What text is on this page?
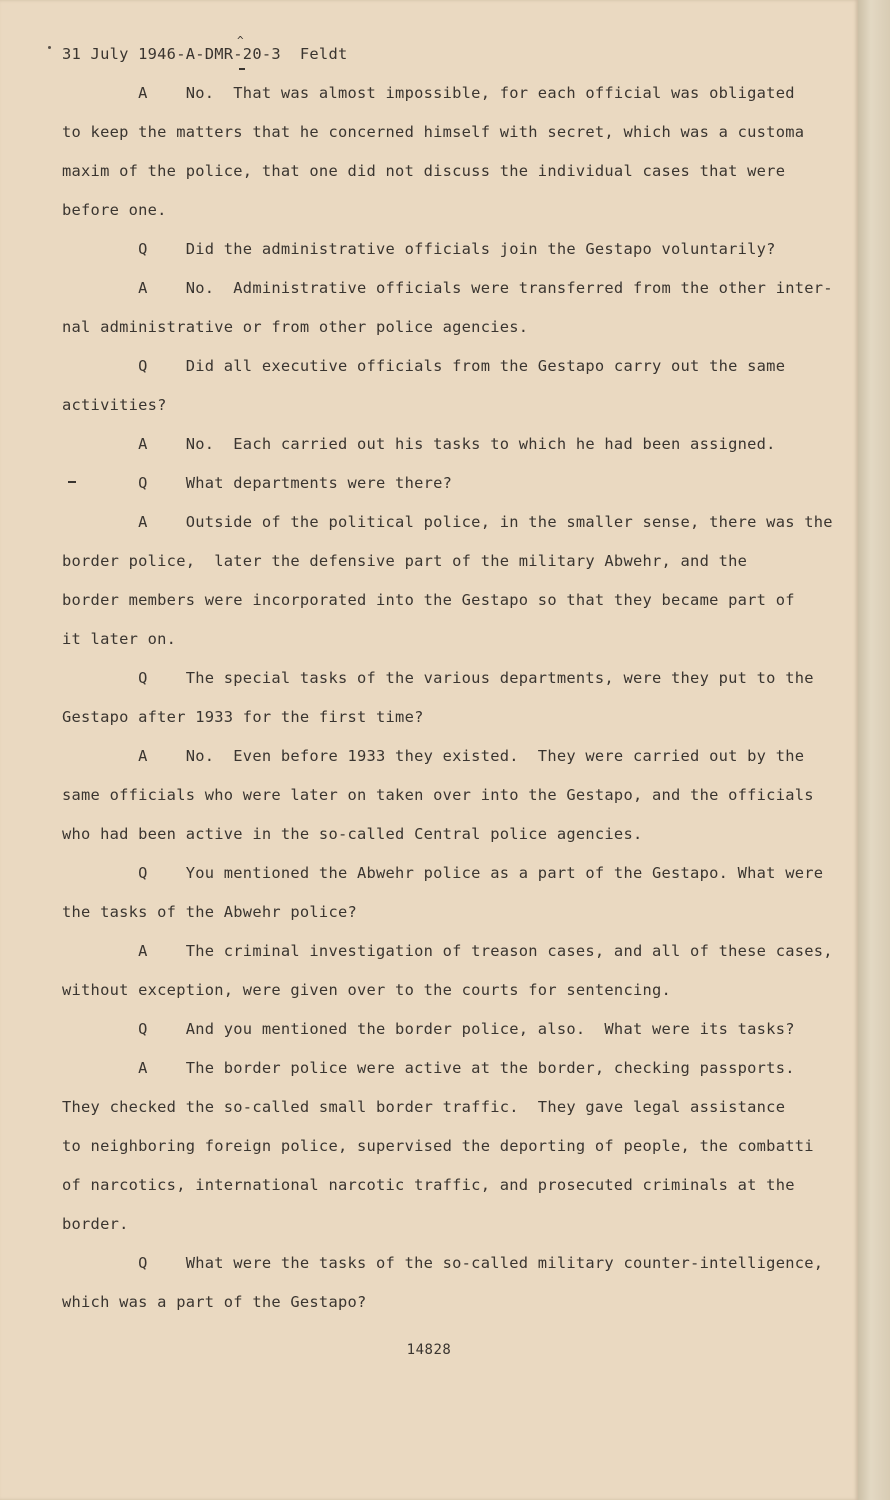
^
31 July 1946-A-DMR-20-3  Feldt
A    No.  That was almost impossible, for each official was obligated
to keep the matters that he concerned himself with secret, which was a customa
maxim of the police, that one did not discuss the individual cases that were
before one.
Q    Did the administrative officials join the Gestapo voluntarily?
A    No.  Administrative officials were transferred from the other inter-
nal administrative or from other police agencies.
Q    Did all executive officials from the Gestapo carry out the same
activities?
A    No.  Each carried out his tasks to which he had been assigned.
Q    What departments were there?
A    Outside of the political police, in the smaller sense, there was the
border police,  later the defensive part of the military Abwehr, and the
border members were incorporated into the Gestapo so that they became part of
it later on.
Q    The special tasks of the various departments, were they put to the
Gestapo after 1933 for the first time?
A    No.  Even before 1933 they existed.  They were carried out by the
same officials who were later on taken over into the Gestapo, and the officials
who had been active in the so-called Central police agencies.
Q    You mentioned the Abwehr police as a part of the Gestapo. What were
the tasks of the Abwehr police?
A    The criminal investigation of treason cases, and all of these cases,
without exception, were given over to the courts for sentencing.
Q    And you mentioned the border police, also.  What were its tasks?
A    The border police were active at the border, checking passports.
They checked the so-called small border traffic.  They gave legal assistance
to neighboring foreign police, supervised the deporting of people, the combatti
of narcotics, international narcotic traffic, and prosecuted criminals at the
border.
Q    What were the tasks of the so-called military counter-intelligence,
which was a part of the Gestapo?
14828
